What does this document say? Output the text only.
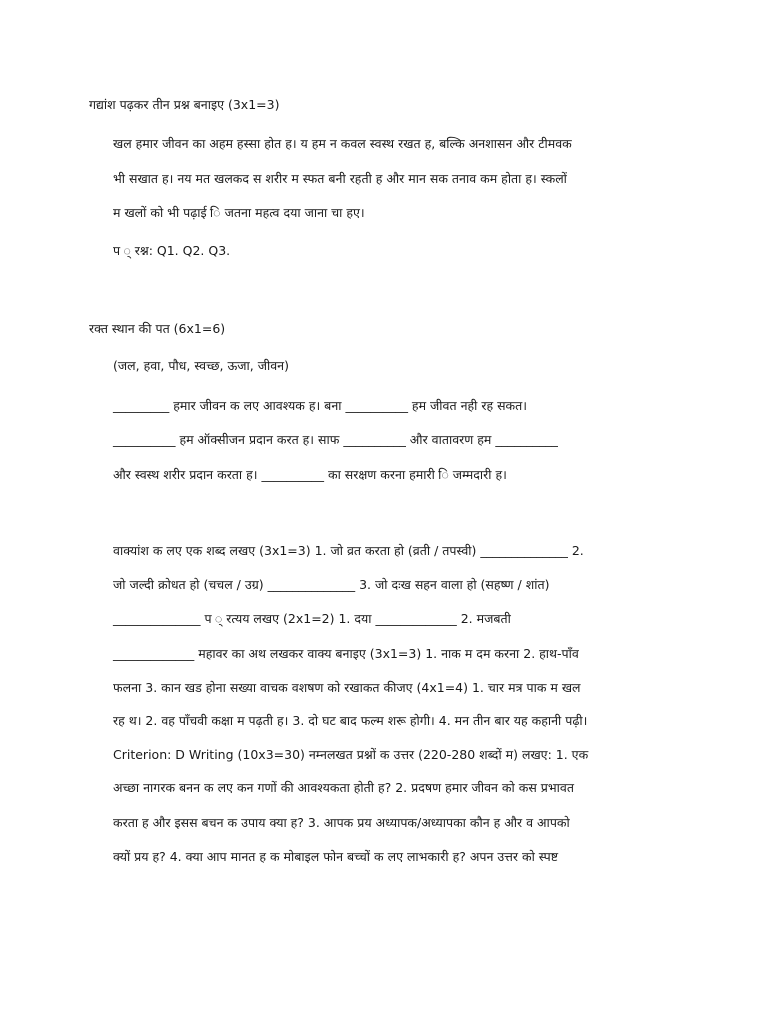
गद्यांश पढ़कर तीन प्रश्न बनाइए (3x1=3)
खल हमार जीवन का अहम हस्सा होत ह। य हम न कवल स्वस्थ रखत ह, बल्कि अनशासन और टीमवक
भी सखात ह। नय मत खलकद स शरीर म स्फत बनी रहती ह और मान सक तनाव कम होता ह। स्कलों
म खलों को भी पढ़ाई ि जतना महत्व दया जाना चा हए।
प ् रश्न: Q1. Q2. Q3.
रक्त स्थान की पत (6x1=6)
(जल, हवा, पौध, स्वच्छ, ऊजा, जीवन)
_________ हमार जीवन क लए आवश्यक ह। बना __________ हम जीवत नही रह सकत।
__________ हम ऑक्सीजन प्रदान करत ह। साफ __________ और वातावरण हम __________
और स्वस्थ शरीर प्रदान करता ह। __________ का सरक्षण करना हमारी ि जम्मदारी ह।
वाक्यांश क लए एक शब्द लखए (3x1=3) 1. जो व्रत करता हो (व्रती / तपस्वी) ______________ 2.
जो जल्दी क्रोधत हो (चचल / उग्र) ______________ 3. जो दःख सहन वाला हो (सहष्ण / शांत)
______________ प ् रत्यय लखए (2x1=2) 1. दया _____________ 2. मजबती
_____________ महावर का अथ लखकर वाक्य बनाइए (3x1=3) 1. नाक म दम करना 2. हाथ-पाँव
फलना 3. कान खड होना सख्या वाचक वशषण को रखाकत कीजए (4x1=4) 1. चार मत्र पाक म खल
रह थ। 2. वह पाँचवी कक्षा म पढ़ती ह। 3. दो घट बाद फल्म शरू होगी। 4. मन तीन बार यह कहानी पढ़ी।
Criterion: D Writing (10x3=30) नम्नलखत प्रश्नों क उत्तर (220-280 शब्दों म) लखए: 1. एक
अच्छा नागरक बनन क लए कन गणों की आवश्यकता होती ह? 2. प्रदषण हमार जीवन को कस प्रभावत
करता ह और इसस बचन क उपाय क्या ह? 3. आपक प्रय अध्यापक/अध्यापका कौन ह और व आपको
क्यों प्रय ह? 4. क्या आप मानत ह क मोबाइल फोन बच्चों क लए लाभकारी ह? अपन उत्तर को स्पष्ट
